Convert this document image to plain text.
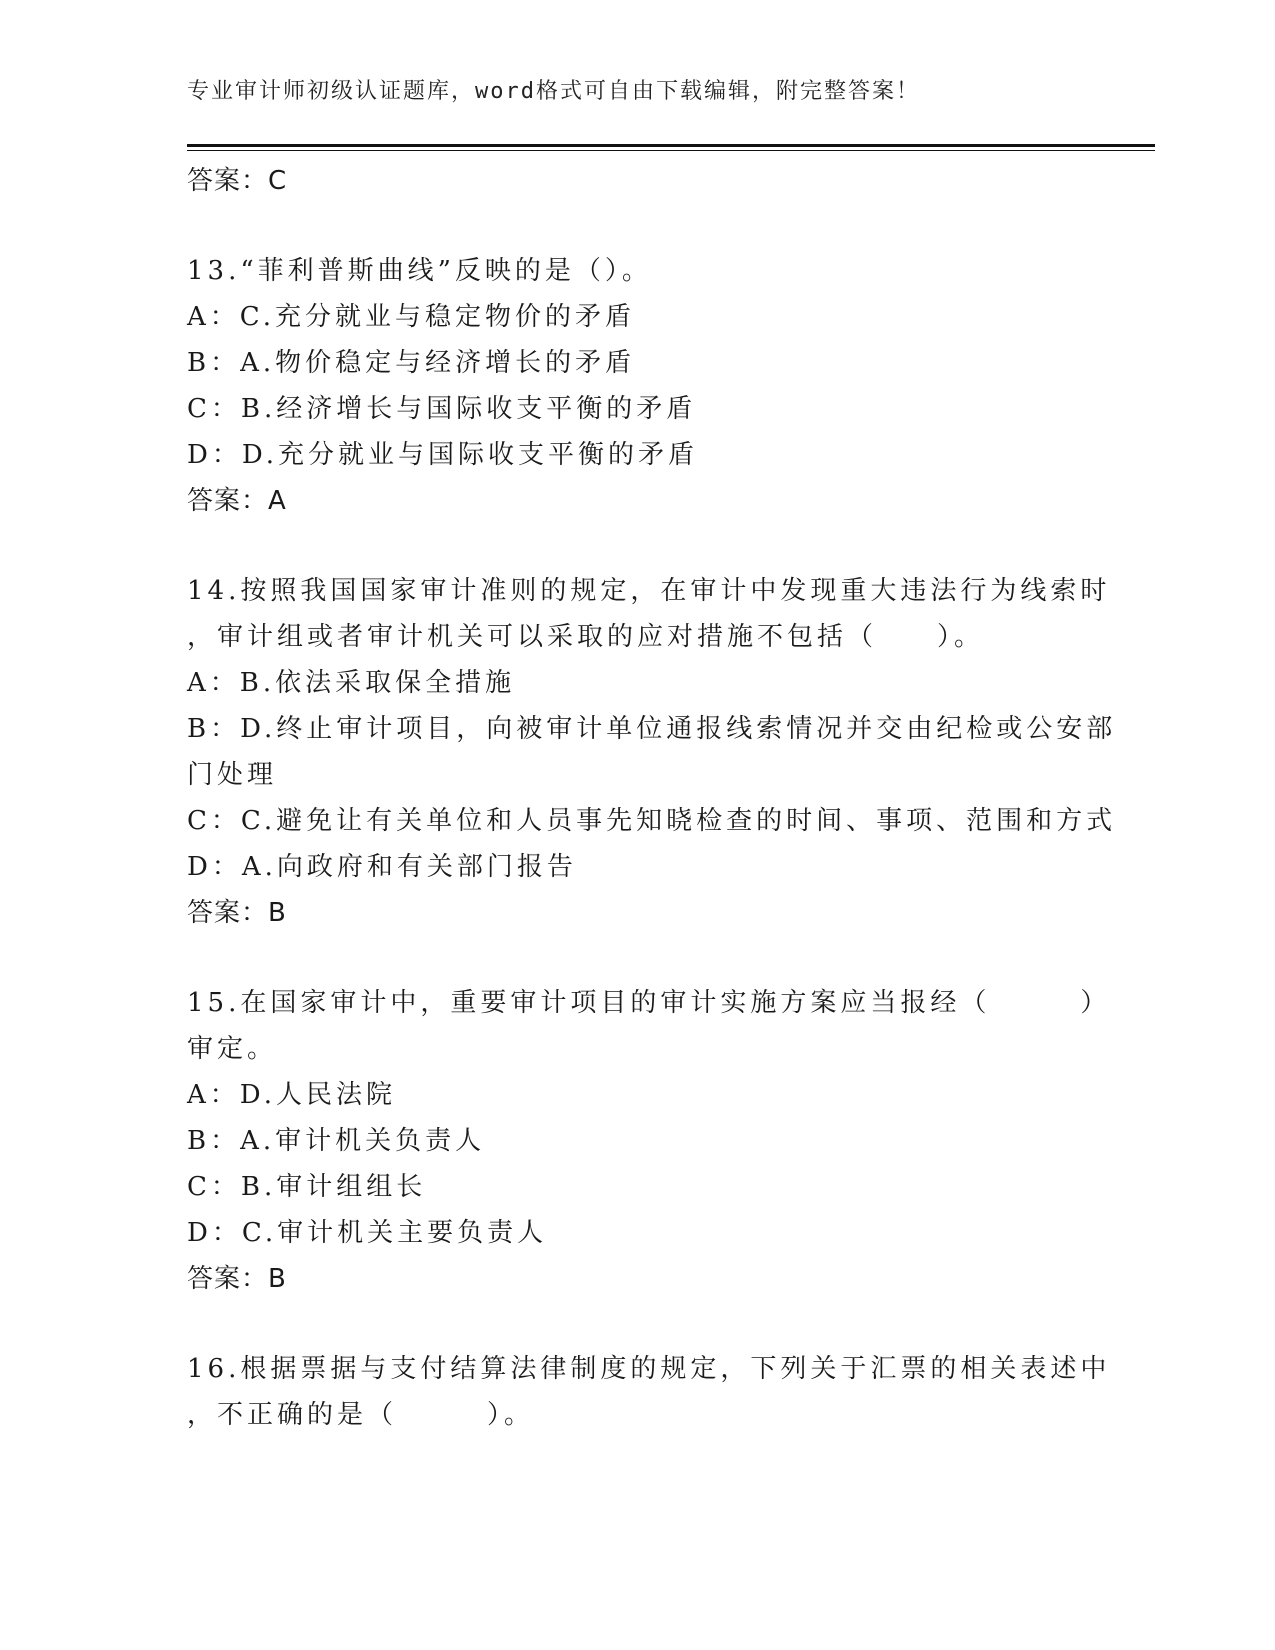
专业审计师初级认证题库，word格式可自由下载编辑，附完整答案！
答案：C
13.“菲利普斯曲线”反映的是（）。
A：C.充分就业与稳定物价的矛盾
B：A.物价稳定与经济增长的矛盾
C：B.经济增长与国际收支平衡的矛盾
D：D.充分就业与国际收支平衡的矛盾
答案：A
14.按照我国国家审计准则的规定，在审计中发现重大违法行为线索时
，审计组或者审计机关可以采取的应对措施不包括（　　）。
A：B.依法采取保全措施
B：D.终止审计项目，向被审计单位通报线索情况并交由纪检或公安部
门处理
C：C.避免让有关单位和人员事先知晓检查的时间、事项、范围和方式
D：A.向政府和有关部门报告
答案：B
15.在国家审计中，重要审计项目的审计实施方案应当报经（　　　）
审定。
A：D.人民法院
B：A.审计机关负责人
C：B.审计组组长
D：C.审计机关主要负责人
答案：B
16.根据票据与支付结算法律制度的规定，下列关于汇票的相关表述中
，不正确的是（　　　）。
